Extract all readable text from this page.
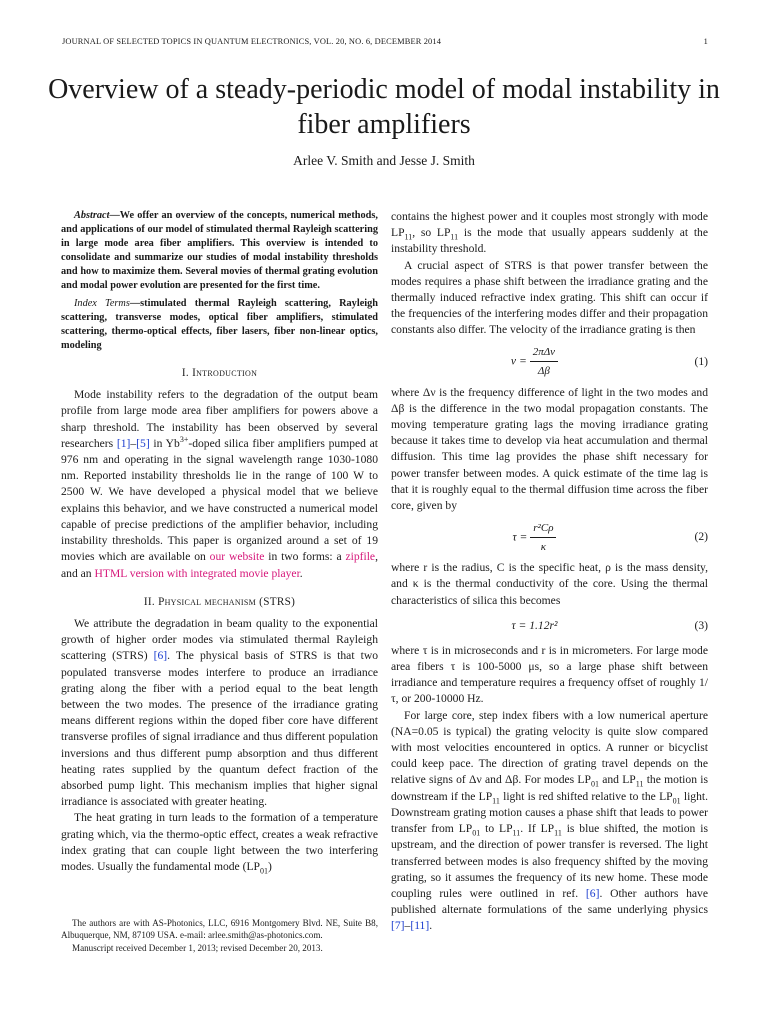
JOURNAL OF SELECTED TOPICS IN QUANTUM ELECTRONICS, VOL. 20, NO. 6, DECEMBER 2014	1
Overview of a steady-periodic model of modal instability in fiber amplifiers
Arlee V. Smith and Jesse J. Smith

Abstract—We offer an overview of the concepts, numerical methods, and applications of our model of stimulated thermal Rayleigh scattering in large mode area fiber amplifiers. This overview is intended to consolidate and summarize our studies of modal instability thresholds and how to maximize them. Several movies of thermal grating evolution and modal power evolution are presented for the first time.

Index Terms—stimulated thermal Rayleigh scattering, Rayleigh scattering, transverse modes, optical fiber amplifiers, stimulated scattering, thermo-optical effects, fiber lasers, fiber non-linear optics, modeling

I. Introduction

Mode instability refers to the degradation of the output beam profile from large mode area fiber amplifiers for powers above a sharp threshold. The instability has been observed by several researchers [1]–[5] in $Yb^{3+}$-doped silica fiber amplifiers pumped at 976 nm and operating in the signal wavelength range 1030-1080 nm. Reported instability thresholds lie in the range of 100 W to 2500 W. We have developed a physical model that we believe explains this behavior, and we have constructed a numerical model capable of precise predictions of the amplifier behavior, including instability thresholds. This paper is organized around a set of 19 movies which are available on our website in two forms: a zipfile, and an HTML version with integrated movie player.

II. Physical mechanism (STRS)

We attribute the degradation in beam quality to the exponential growth of higher order modes via stimulated thermal Rayleigh scattering (STRS) [6]. The physical basis of STRS is that two populated transverse modes interfere to produce an irradiance grating along the fiber with a period equal to the beat length between the two modes. The presence of the irradiance grating means different regions within the doped fiber core have different transverse profiles of signal irradiance and thus different population inversions and thus different pump absorption and thus different heating rates supplied by the quantum defect fraction of the absorbed pump light. This mechanism implies that higher signal irradiance is associated with greater heating.

The heat grating in turn leads to the formation of a temperature grating which, via the thermo-optic effect, creates a weak refractive index grating that can couple light between the two interfering modes. Usually the fundamental mode $(LP_{01})$

The authors are with AS-Photonics, LLC, 6916 Montgomery Blvd. NE, Suite B8, Albuquerque, NM, 87109 USA. e-mail: arlee.smith@as-photonics.com.

Manuscript received December 1, 2013; revised December 20, 2013.

contains the highest power and it couples most strongly with mode $LP_{11}$, so $LP_{11}$ is the mode that usually appears suddenly at the instability threshold.

A crucial aspect of STRS is that power transfer between the modes requires a phase shift between the irradiance grating and the thermally induced refractive index grating. This shift can occur if the frequencies of the interfering modes differ and their propagation constants also differ. The velocity of the irradiance grating is then

$v = \frac{\text{2πΔν}}{\Delta\beta}$	(1)

where Δν is the frequency difference of light in the two modes and Δβ is the difference in the two modal propagation constants. The moving temperature grating lags the moving irradiance grating because it takes time to develop via heat accumulation and thermal diffusion. This time lag provides the phase shift necessary for power transfer between modes. A quick estimate of the time lag is that it is roughly equal to the thermal diffusion time across the fiber core, given by

$\tau = \frac{\text{r²Cρ}}{\kappa}$	(2)

where r is the radius, C is the specific heat, ρ is the mass density, and κ is the thermal conductivity of the core. Using the thermal characteristics of silica this becomes

τ = 1.12r²	(3)

where τ is in microseconds and r is in micrometers. For large mode area fibers τ is 100-5000 μs, so a large phase shift between irradiance and temperature requires a frequency offset of roughly 1/τ, or 200-10000 Hz.

For large core, step index fibers with a low numerical aperture (NA=0.05 is typical) the grating velocity is quite slow compared with most velocities encountered in optics. A runner or bicyclist could keep pace. The direction of grating travel depends on the relative signs of Δν and Δβ. For modes $LP_{01}$ and $LP_{11}$ the motion is downstream if the $LP_{11}$ light is red shifted relative to the $LP_{01}$ light. Downstream grating motion causes a phase shift that leads to power transfer from $LP_{01}$ to $LP_{11}$. If $LP_{11}$ is blue shifted, the motion is upstream, and the direction of power transfer is reversed. The light transferred between modes is also frequency shifted by the moving grating, so it assumes the frequency of its new home. These mode coupling rules were outlined in ref. [6]. Other authors have published alternate formulations of the same underlying physics [7]–[11].
